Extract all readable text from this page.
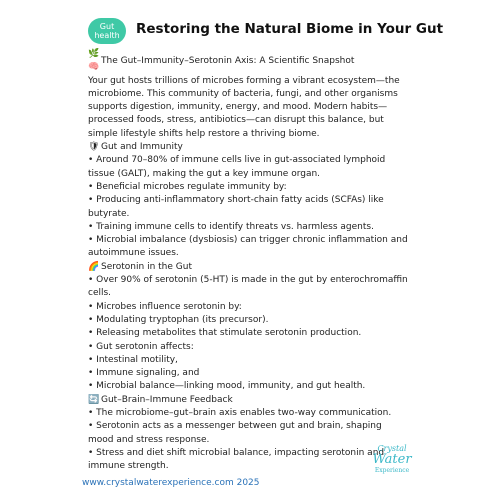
Gut
health	Restoring the Natural Biome in Your Gut

🌿🧠
The Gut–Immunity–Serotonin Axis: A Scientific Snapshot

Your gut hosts trillions of microbes forming a vibrant ecosystem—the microbiome. This community of bacteria, fungi, and other organisms supports digestion, immunity, energy, and mood. Modern habits—processed foods, stress, antibiotics—can disrupt this balance, but simple lifestyle shifts help restore a thriving biome.

🛡 Gut and Immunity

• Around 70–80% of immune cells live in gut-associated lymphoid tissue (GALT), making the gut a key immune organ.

• Beneficial microbes regulate immunity by:

• Producing anti-inflammatory short-chain fatty acids (SCFAs) like butyrate.

• Training immune cells to identify threats vs. harmless agents.

• Microbial imbalance (dysbiosis) can trigger chronic inflammation and autoimmune issues.

🌈 Serotonin in the Gut

• Over 90% of serotonin (5-HT) is made in the gut by enterochromaffin cells.

• Microbes influence serotonin by:

• Modulating tryptophan (its precursor).

• Releasing metabolites that stimulate serotonin production.

• Gut serotonin affects:

• Intestinal motility,

• Immune signaling, and

• Microbial balance—linking mood, immunity, and gut health.

🔄 Gut–Brain–Immune Feedback

• The microbiome–gut–brain axis enables two-way communication.

• Serotonin acts as a messenger between gut and brain, shaping mood and stress response.

• Stress and diet shift microbial balance, impacting serotonin and immune strength.

www.crystalwaterexperience.com 2025
Crystal
Water
Experience
